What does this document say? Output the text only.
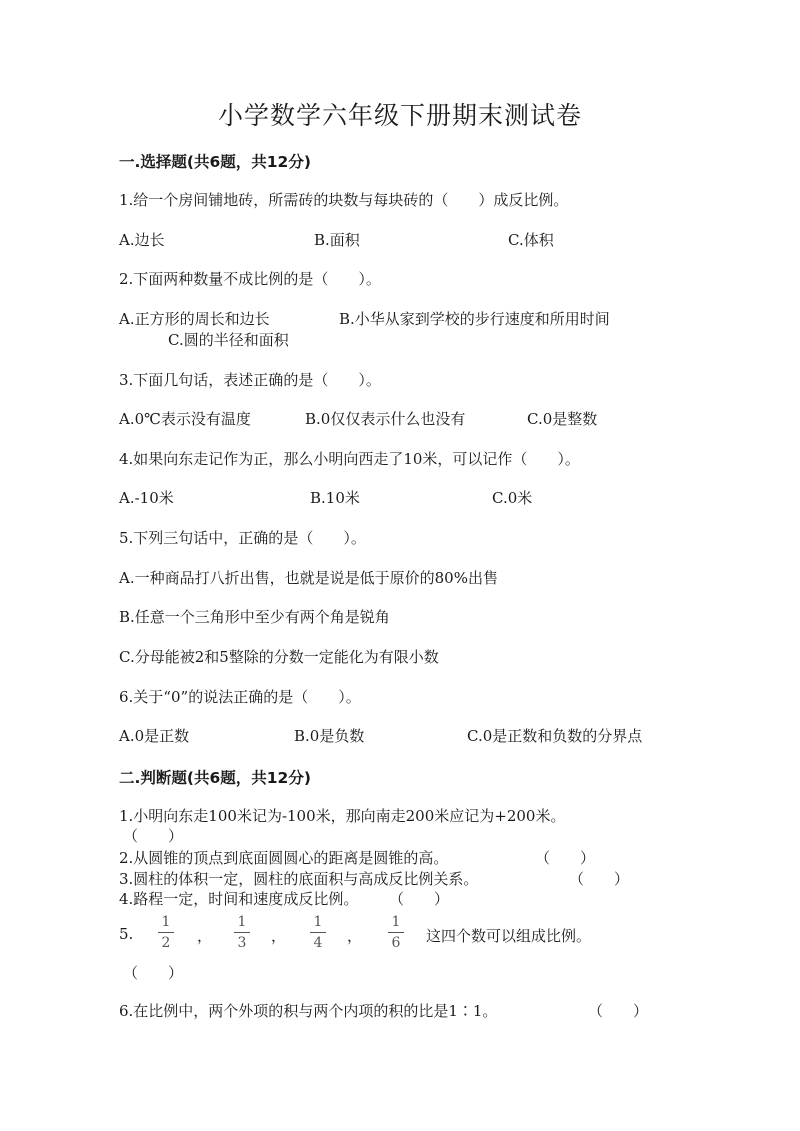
小学数学六年级下册期末测试卷
一.选择题(共6题，共12分)
1.给一个房间铺地砖，所需砖的块数与每块砖的（　　）成反比例。
A.边长	B.面积	C.体积
2.下面两种数量不成比例的是（　　）。
A.正方形的周长和边长	B.小华从家到学校的步行速度和所用时间
C.圆的半径和面积
3.下面几句话，表述正确的是（　　）。
A.0℃表示没有温度	B.0仅仅表示什么也没有	C.0是整数
4.如果向东走记作为正，那么小明向西走了10米，可以记作（　　）。
A.-10米	B.10米	C.0米
5.下列三句话中，正确的是（　　）。
A.一种商品打八折出售，也就是说是低于原价的80%出售
B.任意一个三角形中至少有两个角是锐角
C.分母能被2和5整除的分数一定能化为有限小数
6.关于“0”的说法正确的是（　　）。
A.0是正数	B.0是负数	C.0是正数和负数的分界点
二.判断题(共6题，共12分)
1.小明向东走100米记为-100米，那向南走200米应记为+200米。
（　　）
2.从圆锥的顶点到底面圆圆心的距离是圆锥的高。	（　　）
3.圆柱的体积一定，圆柱的底面积与高成反比例关系。	（　　）
4.路程一定，时间和速度成反比例。 （　　）
5.
1
2 ，
1
3 ，
1
4 ，
1
6 这四个数可以组成比例。
（　　）
6.在比例中，两个外项的积与两个内项的积的比是1∶1。	（　　）
